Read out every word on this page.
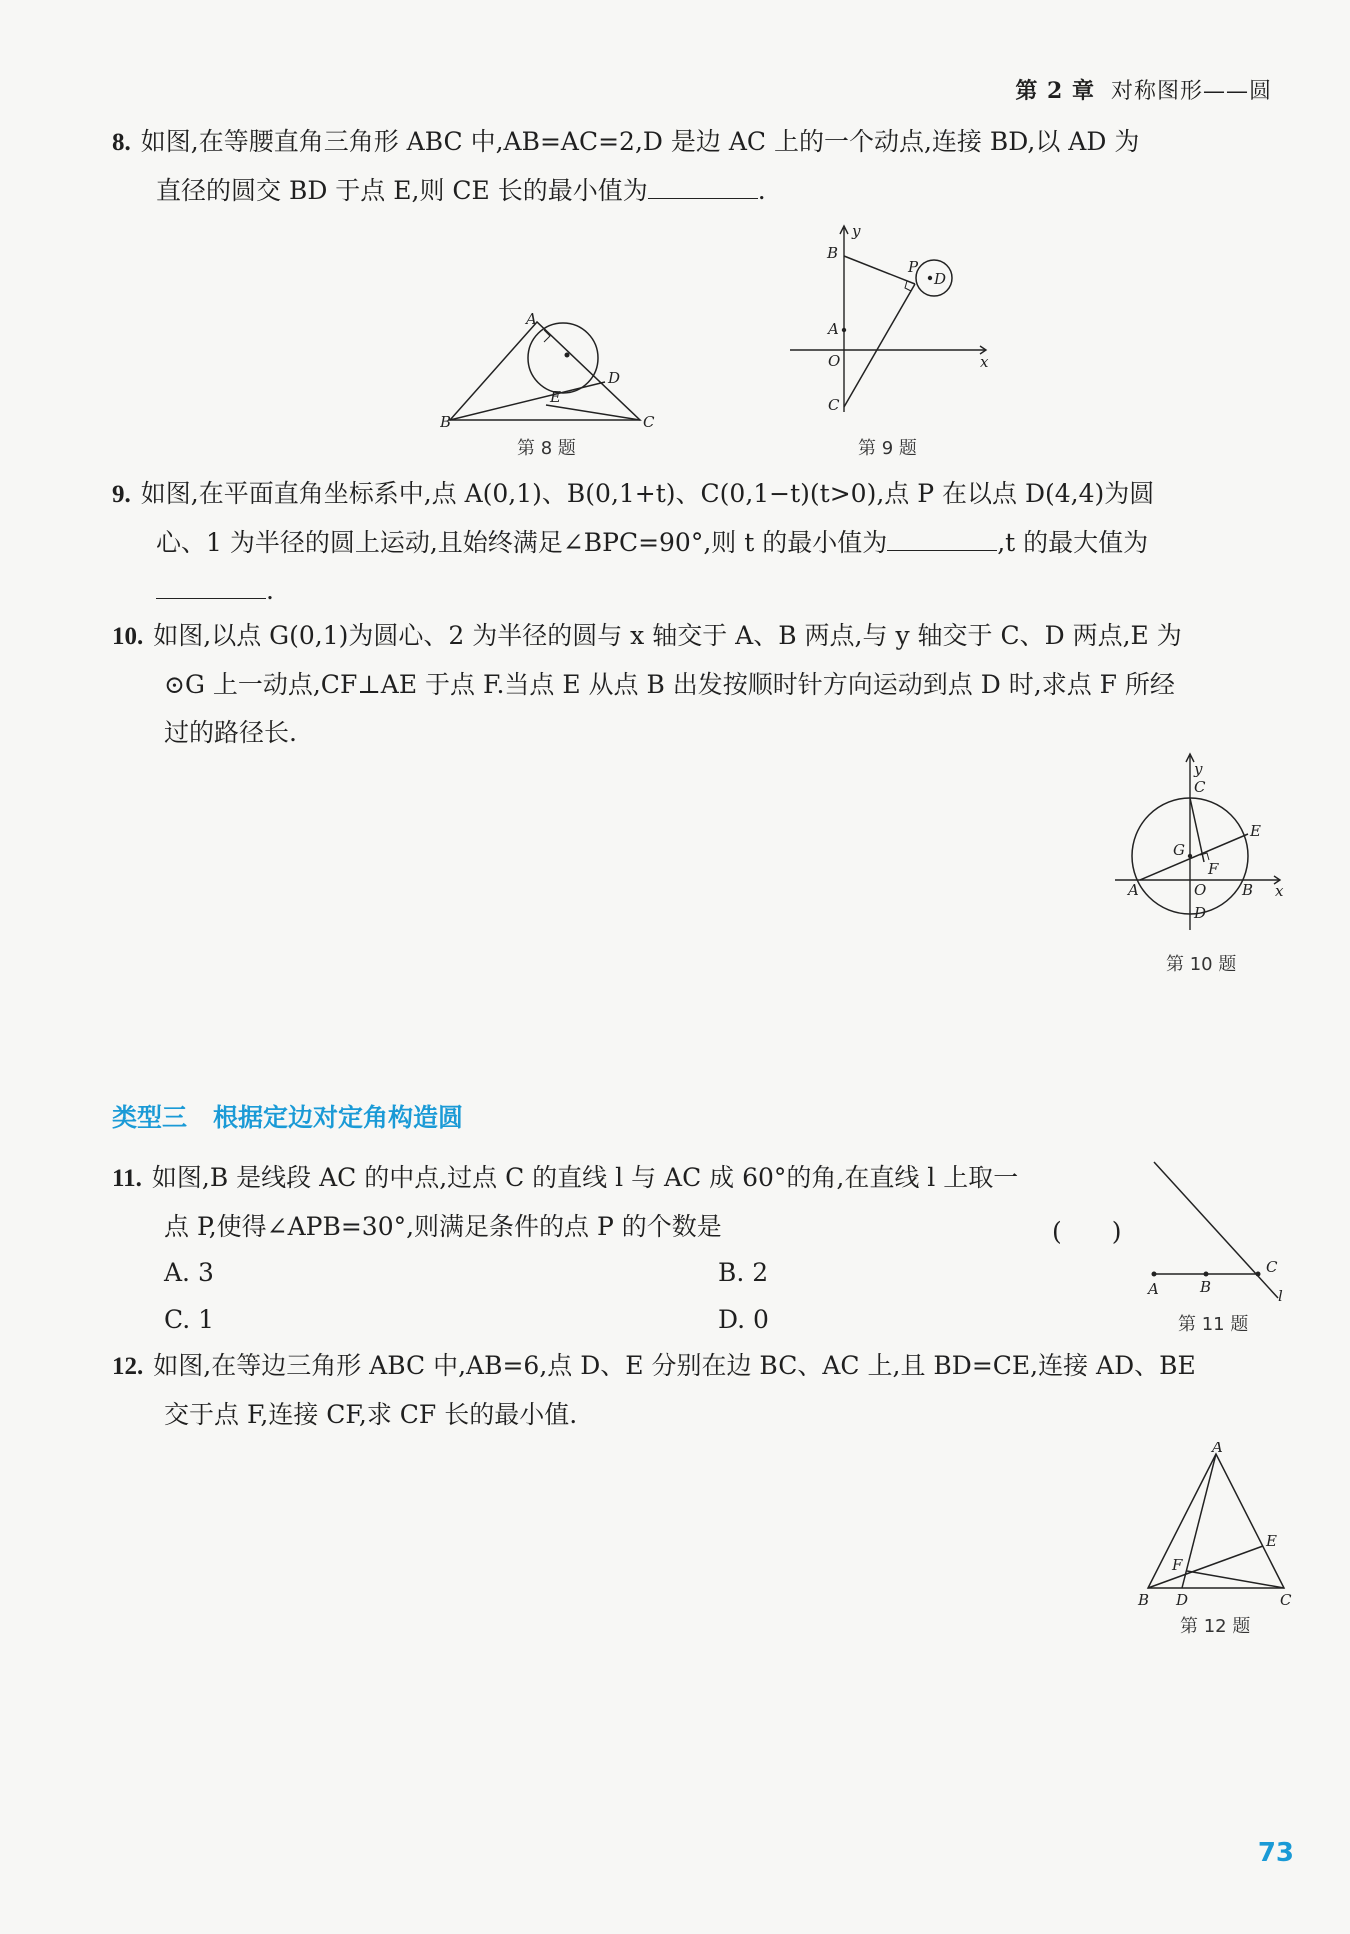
第 2 章 对称图形——圆
8. 如图,在等腰直角三角形 ABC 中,AB=AC=2,D 是边 AC 上的一个动点,连接 BD,以 AD 为
直径的圆交 BD 于点 E,则 CE 长的最小值为	.
A
B	C
D
E
第 8 题
B
P
D
A
O
C
x
y
第 9 题
9. 如图,在平面直角坐标系中,点 A(0,1)、B(0,1+t)、C(0,1−t)(t>0),点 P 在以点 D(4,4)为圆
心、1 为半径的圆上运动,且始终满足∠BPC=90°,则 t 的最小值为	,t 的最大值为
.
10. 如图,以点 G(0,1)为圆心、2 为半径的圆与 x 轴交于 A、B 两点,与 y 轴交于 C、D 两点,E 为
⊙G 上一动点,CF⊥AE 于点 F.当点 E 从点 B 出发按顺时针方向运动到点 D 时,求点 F 所经
过的路径长.
y
C
G
E
F
A	O B x
D
第 10 题
类型三 根据定边对定角构造圆
11. 如图,B 是线段 AC 的中点,过点 C 的直线 l 与 AC 成 60°的角,在直线 l 上取一
点 P,使得∠APB=30°,则满足条件的点 P 的个数是	(　　)
A. 3	B. 2
C. 1	D. 0
A	B
C
l
第 11 题
12. 如图,在等边三角形 ABC 中,AB=6,点 D、E 分别在边 BC、AC 上,且 BD=CE,连接 AD、BE
交于点 F,连接 CF,求 CF 长的最小值.
A
E
F
B D	C
第 12 题
73
